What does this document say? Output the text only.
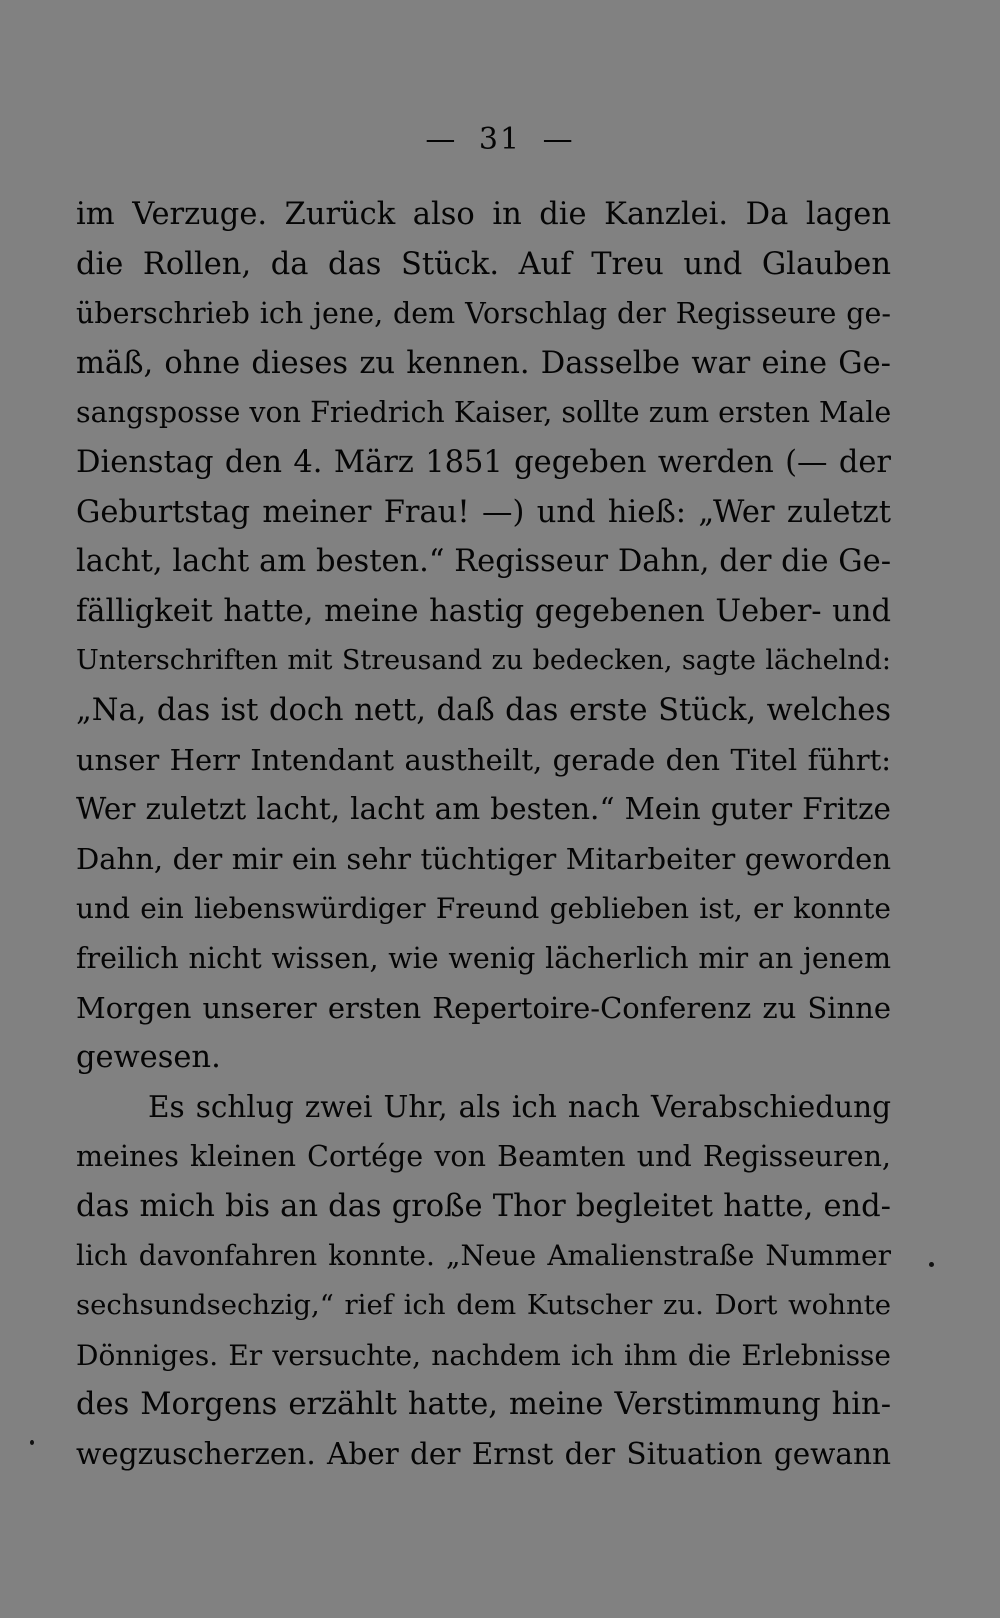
— 31 —
im Verzuge. Zurück also in die Kanzlei. Da lagen
die Rollen, da das Stück. Auf Treu und Glauben
überschrieb ich jene, dem Vorschlag der Regisseure ge-
mäß, ohne dieses zu kennen. Dasselbe war eine Ge-
sangsposse von Friedrich Kaiser, sollte zum ersten Male
Dienstag den 4. März 1851 gegeben werden (— der
Geburtstag meiner Frau! —) und hieß: „Wer zuletzt
lacht, lacht am besten.“ Regisseur Dahn, der die Ge-
fälligkeit hatte, meine hastig gegebenen Ueber- und
Unterschriften mit Streusand zu bedecken, sagte lächelnd:
„Na, das ist doch nett, daß das erste Stück, welches
unser Herr Intendant austheilt, gerade den Titel führt:
Wer zuletzt lacht, lacht am besten.“ Mein guter Fritze
Dahn, der mir ein sehr tüchtiger Mitarbeiter geworden
und ein liebenswürdiger Freund geblieben ist, er konnte
freilich nicht wissen, wie wenig lächerlich mir an jenem
Morgen unserer ersten Repertoire-Conferenz zu Sinne
gewesen.
Es schlug zwei Uhr, als ich nach Verabschiedung
meines kleinen Cortége von Beamten und Regisseuren,
das mich bis an das große Thor begleitet hatte, end-
lich davonfahren konnte. „Neue Amalienstraße Nummer
sechsundsechzig,“ rief ich dem Kutscher zu. Dort wohnte
Dönniges. Er versuchte, nachdem ich ihm die Erlebnisse
des Morgens erzählt hatte, meine Verstimmung hin-
wegzuscherzen. Aber der Ernst der Situation gewann
